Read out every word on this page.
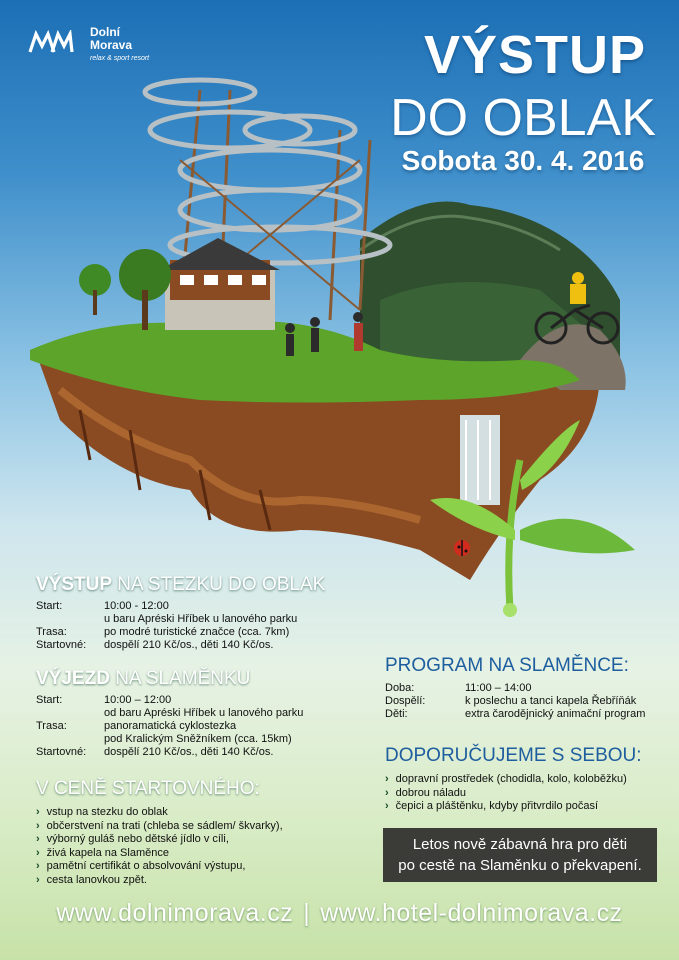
Dolní
Morava
relax & sport resort	VÝSTUP
DO OBLAK
Sobota 30. 4. 2016
VÝSTUP NA STEZKU DO OBLAK
Start:	10:00 - 12:00
u baru Apréski Hříbek u lanového parku
Trasa:	po modré turistické značce (cca. 7km)
Startovné: dospělí 210 Kč/os., děti 140 Kč/os.
VÝJEZD NA SLAMĚNKU
Start:	10:00 – 12:00
od baru Apréski Hříbek u lanového parku
Trasa:	panoramatická cyklostezka
pod Kralickým Sněžníkem (cca. 15km)
Startovné: dospělí 210 Kč/os., děti 140 Kč/os.
V CENĚ STARTOVNÉHO:
› vstup na stezku do oblak
› občerstvení na trati (chleba se sádlem/ škvarky),
› výborný guláš nebo dětské jídlo v cíli,
› živá kapela na Slaměnce
› pamětní certifikát o absolvování výstupu,
› cesta lanovkou zpět.
PROGRAM NA SLAMĚNCE:
Doba:	11:00 – 14:00
Dospělí:	k poslechu a tanci kapela Řebříňák
Děti:	extra čarodějnický animační program
DOPORUČUJEME S SEBOU:
› dopravní prostředek (chodidla, kolo, koloběžku)
› dobrou náladu
› čepici a pláštěnku, kdyby přitvrdilo počasí
Letos nově zábavná hra pro děti
po cestě na Slaměnku o překvapení.
www.dolnimorava.cz | www.hotel-dolnimorava.cz
